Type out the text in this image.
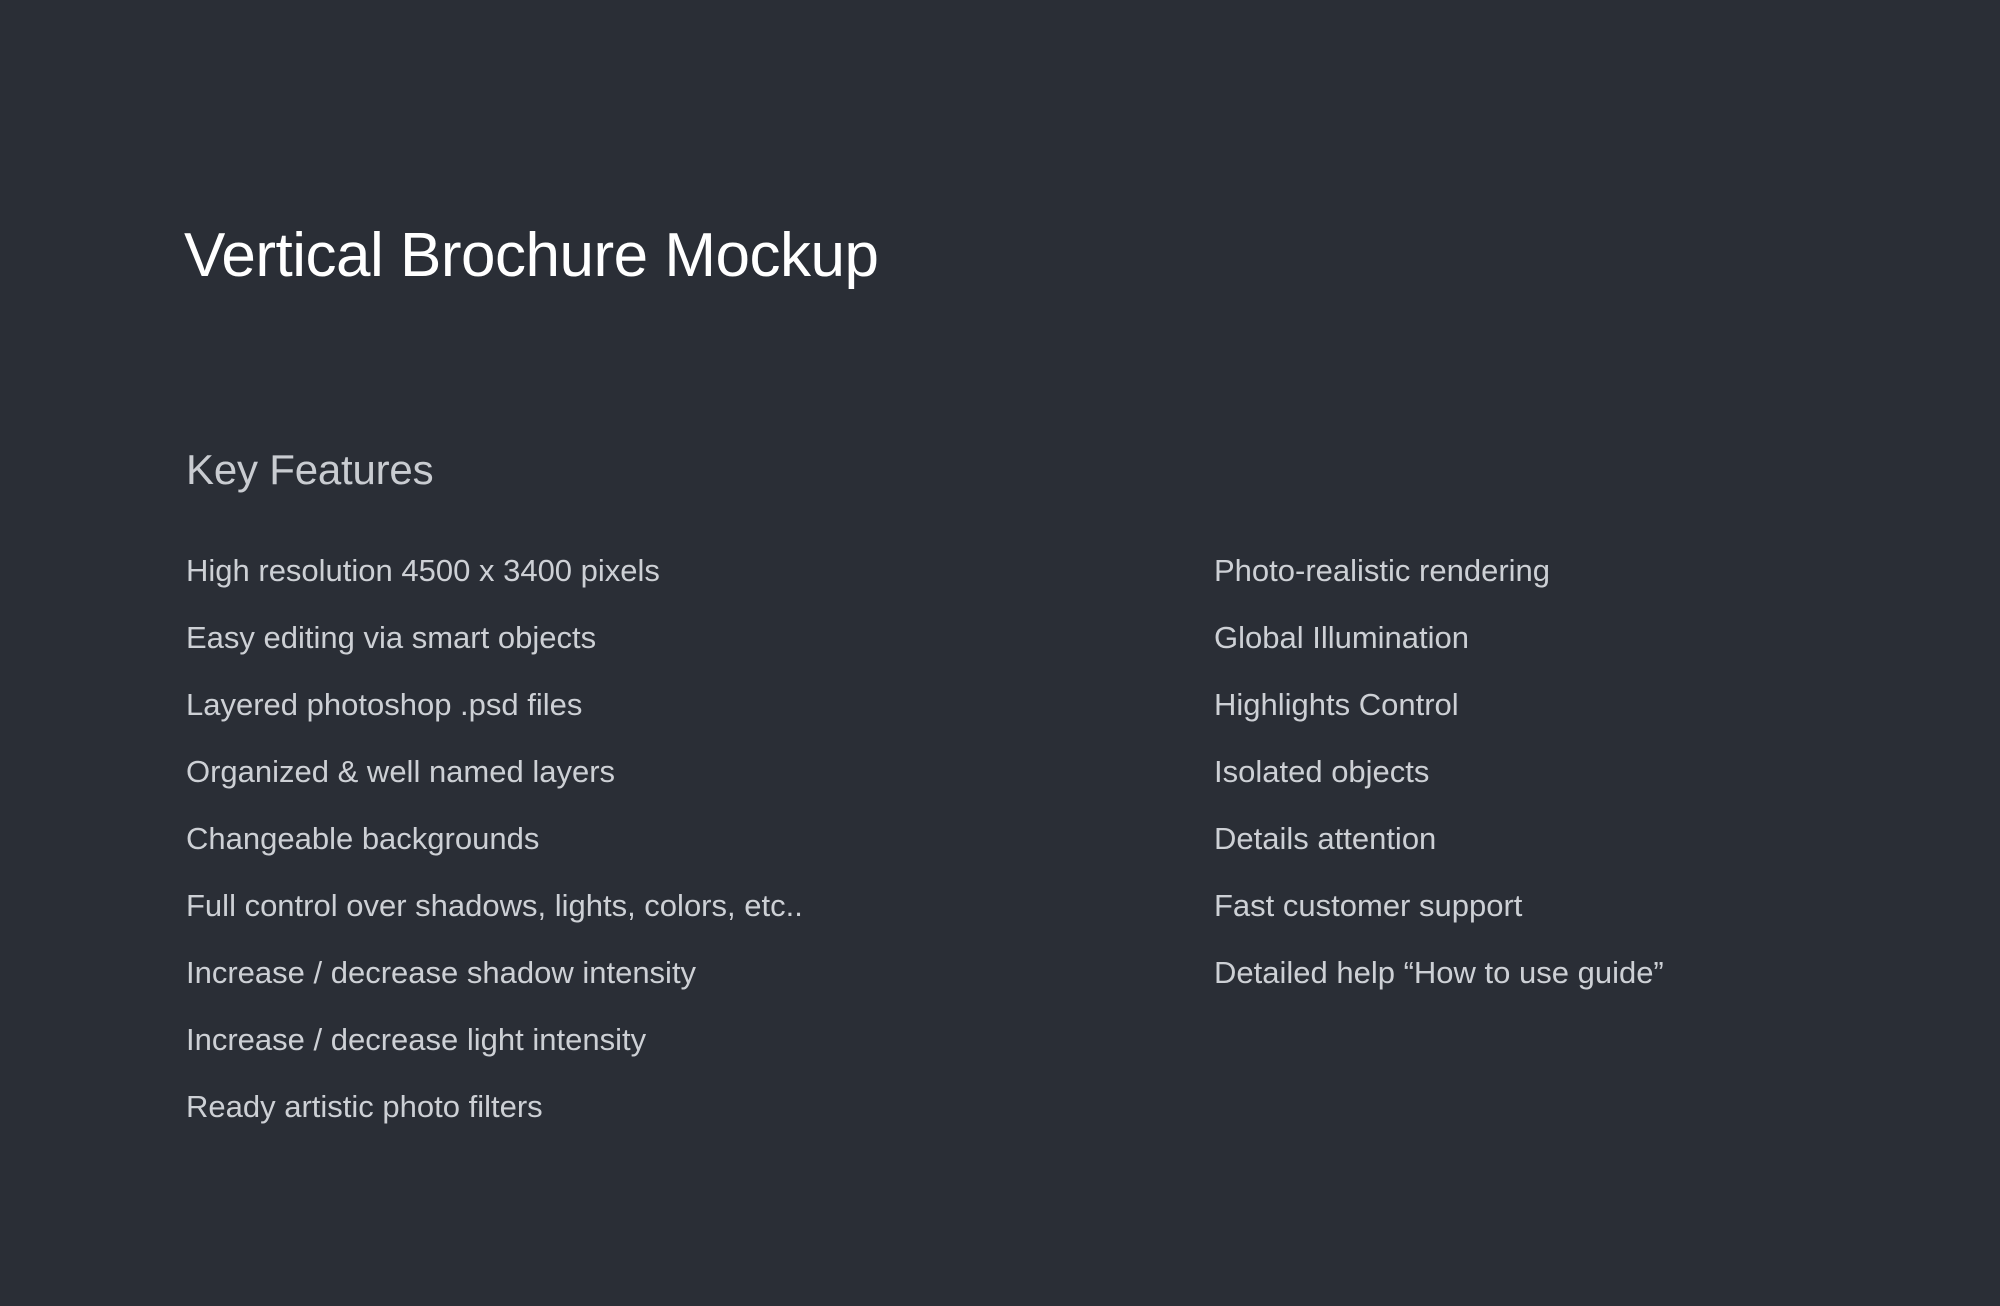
Vertical Brochure Mockup
Key Features
High resolution 4500 x 3400 pixels
Easy editing via smart objects
Layered photoshop .psd files
Organized & well named layers
Changeable backgrounds
Full control over shadows, lights, colors, etc..
Increase / decrease shadow intensity
Increase / decrease light intensity
Ready artistic photo filters
Photo-realistic rendering
Global Illumination
Highlights Control
Isolated objects
Details attention
Fast customer support
Detailed help “How to use guide”
